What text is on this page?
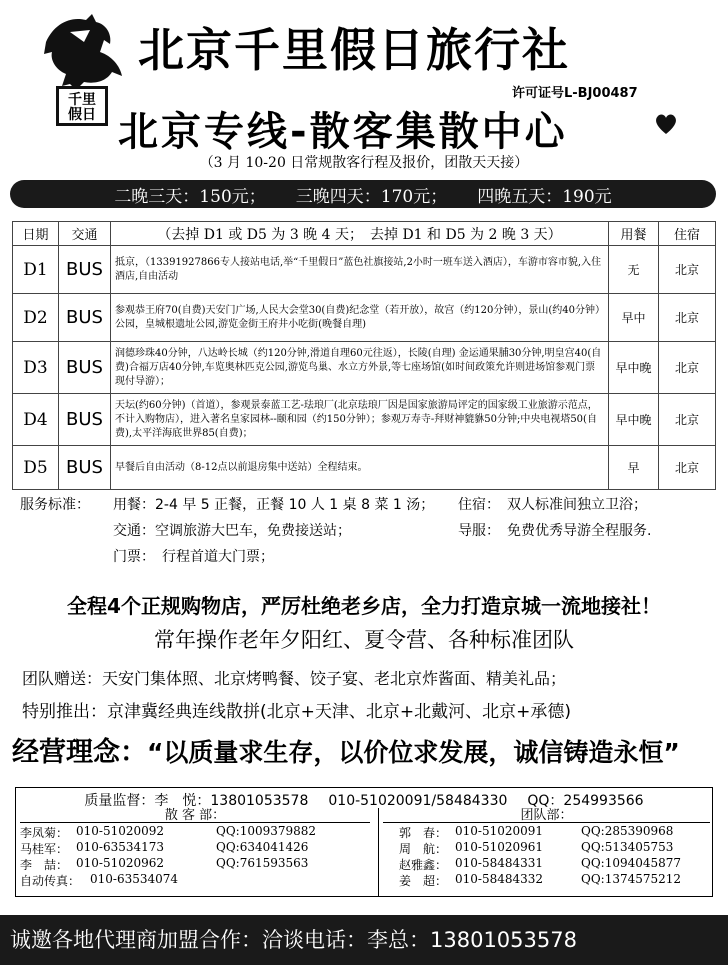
千里
假日
北京千里假日旅行社
许可证号L-BJ00487
北京专线-散客集散中心
（3 月 10-20 日常规散客行程及报价，团散天天接）
二晚三天：150元； 三晚四天：170元； 四晚五天：190元
日期	交通	（去掉 D1 或 D5 为 3 晚 4 天；　去掉 D1 和 D5 为 2 晚 3 天）	用餐	住宿
D1	BUS	抵京，（13391927866专人接站电话,举“千里假日”蓝色社旗接站,2小时一班车送入酒店），车游市容市貌,入住酒店,自由活动	无	北京
D2	BUS	参观恭王府70(自费)天安门广场,人民大会堂30(自费)纪念堂（若开放），故宫（约120分钟），景山(约40分钟）公园，皇城根遗址公园,游览金街王府井小吃街(晚餐自理)	早中	北京
D3	BUS	润德珍珠40分钟，八达岭长城（约120分钟,滑道自理60元往返），长陵(自理) 金运通果脯30分钟,明皇宫40(自费)合福万店40分钟,车览奥林匹克公园,游览鸟巢、水立方外景,等七座场馆(如时间政策允许则进场馆参观门票现付导游）；	早中晚	北京
D4	BUS	天坛(约60分钟)（首道），参观景泰蓝工艺-珐琅厂(北京珐琅厂因是国家旅游局评定的国家级工业旅游示范点，不计入购物店），进入著名皇家园林--颐和园（约150分钟）；参观万寿寺-拜财神貔貅50分钟;中央电视塔50(自费),太平洋海底世界85(自费)；	早中晚	北京
D5	BUS	早餐后自由活动（8-12点以前退房集中送站）全程结束。	早	北京
服务标准： 用餐：2-4 早 5 正餐，正餐 10 人 1 桌 8 菜 1 汤； 住宿：　双人标准间独立卫浴；
交通：空调旅游大巴车，免费接送站；	导服：　免费优秀导游全程服务.
门票：　行程首道大门票；
全程4个正规购物店，严厉杜绝老乡店，全力打造京城一流地接社！
常年操作老年夕阳红、夏令营、各种标准团队
团队赠送：天安门集体照、北京烤鸭餐、饺子宴、老北京炸酱面、精美礼品；
特别推出：京津冀经典连线散拼(北京+天津、北京+北戴河、北京+承德)
经营理念：“以质量求生存，以价位求发展，诚信铸造永恒”
质量监督：李　悦：13801053578 010-51020091/58484330 QQ：254993566
散 客 部：
李凤菊： 010-51020092	QQ:1009379882
马桂军： 010-63534173	QQ:634041426
李　喆： 010-51020962	QQ:761593563
自动传真： 010-63534074
团队部：
郭　春： 010-51020091	QQ:285390968
周　航： 010-51020961	QQ:513405753
赵雅鑫： 010-58484331	QQ:1094045877
姜　超： 010-58484332	QQ:1374575212
诚邀各地代理商加盟合作：洽谈电话：李总：13801053578
